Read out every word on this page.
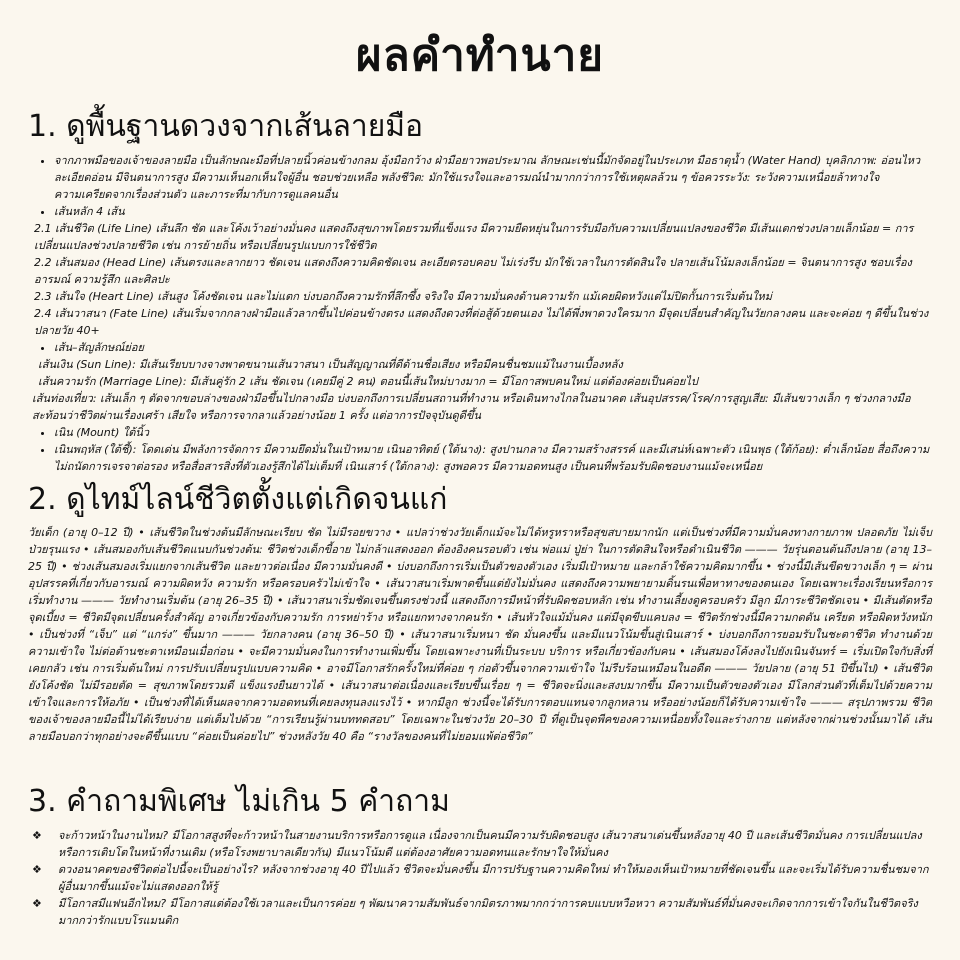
ผลคำทำนาย
1. ดูพื้นฐานดวงจากเส้นลายมือ
• จากภาพมือของเจ้าของลายมือ เป็นลักษณะมือที่ปลายนิ้วค่อนข้างกลม อุ้งมือกว้าง ฝ่ามือยาวพอประมาณ ลักษณะเช่นนี้มักจัดอยู่ในประเภท มือธาตุน้ำ (Water Hand) บุคลิกภาพ: อ่อนไหว ละเอียดอ่อน มีจินตนาการสูง มีความเห็นอกเห็นใจผู้อื่น ชอบช่วยเหลือ พลังชีวิต: มักใช้แรงใจและอารมณ์นำมากกว่าการใช้เหตุผลล้วน ๆ ข้อควรระวัง: ระวังความเหนื่อยล้าทางใจ ความเครียดจากเรื่องส่วนตัว และภาระที่มากับการดูแลคนอื่น
• เส้นหลัก 4 เส้น

2.1 เส้นชีวิต (Life Line) เส้นลึก ชัด และโค้งเว้าอย่างมั่นคง แสดงถึงสุขภาพโดยรวมที่แข็งแรง มีความยืดหยุ่นในการรับมือกับความเปลี่ยนแปลงของชีวิต มีเส้นแตกช่วงปลายเล็กน้อย = การเปลี่ยนแปลงช่วงปลายชีวิต เช่น การย้ายถิ่น หรือเปลี่ยนรูปแบบการใช้ชีวิต

2.2 เส้นสมอง (Head Line) เส้นตรงและลากยาว ชัดเจน แสดงถึงความคิดชัดเจน ละเอียดรอบคอบ ไม่เร่งรีบ มักใช้เวลาในการตัดสินใจ ปลายเส้นโน้มลงเล็กน้อย = จินตนาการสูง ชอบเรื่องอารมณ์ ความรู้สึก และศิลปะ

2.3 เส้นใจ (Heart Line) เส้นสูง โค้งชัดเจน และไม่แตก บ่งบอกถึงความรักที่ลึกซึ้ง จริงใจ มีความมั่นคงด้านความรัก แม้เคยผิดหวังแต่ไม่ปิดกั้นการเริ่มต้นใหม่

2.4 เส้นวาสนา (Fate Line) เส้นเริ่มจากกลางฝ่ามือแล้วลากขึ้นไปค่อนข้างตรง แสดงถึงดวงที่ต่อสู้ด้วยตนเอง ไม่ได้พึ่งพาดวงใครมาก มีจุดเปลี่ยนสำคัญในวัยกลางคน และจะค่อย ๆ ดีขึ้นในช่วงปลายวัย 40+

• เส้น–สัญลักษณ์ย่อย

เส้นเงิน (Sun Line): มีเส้นเรียบบางจางพาดขนานเส้นวาสนา เป็นสัญญาณที่ดีด้านชื่อเสียง หรือมีคนชื่นชมแม้ในงานเบื้องหลัง

เส้นความรัก (Marriage Line): มีเส้นคู่รัก 2 เส้น ชัดเจน (เคยมีคู่ 2 คน) ตอนนี้เส้นใหม่บางมาก = มีโอกาสพบคนใหม่ แต่ต้องค่อยเป็นค่อยไป

เส้นท่องเที่ยว: เส้นเล็ก ๆ ตัดจากขอบล่างของฝ่ามือขึ้นไปกลางมือ บ่งบอกถึงการเปลี่ยนสถานที่ทำงาน หรือเดินทางไกลในอนาคต เส้นอุปสรรค/โรค/การสูญเสีย: มีเส้นขวางเล็ก ๆ ช่วงกลางมือ สะท้อนว่าชีวิตผ่านเรื่องเศร้า เสียใจ หรือการจากลาแล้วอย่างน้อย 1 ครั้ง แต่อาการปัจจุบันดูดีขึ้น

• เนิน (Mount) ใต้นิ้ว
• เนินพฤหัส (ใต้ชี้): โดดเด่น มีพลังการจัดการ มีความยึดมั่นในเป้าหมาย เนินอาทิตย์ (ใต้นาง): สูงปานกลาง มีความสร้างสรรค์ และมีเสน่ห์เฉพาะตัว เนินพุธ (ใต้ก้อย): ต่ำเล็กน้อย สื่อถึงความไม่ถนัดการเจรจาต่อรอง หรือสื่อสารสิ่งที่ตัวเองรู้สึกได้ไม่เต็มที่ เนินเสาร์ (ใต้กลาง): สูงพอควร มีความอดทนสูง เป็นคนที่พร้อมรับผิดชอบงานแม้จะเหนื่อย
2. ดูไทม์ไลน์ชีวิตตั้งแต่เกิดจนแก่

วัยเด็ก (อายุ 0–12 ปี) • เส้นชีวิตในช่วงต้นมีลักษณะเรียบ ชัด ไม่มีรอยขวาง • แปลว่าช่วงวัยเด็กแม้จะไม่ได้หรูหราหรือสุขสบายมากนัก แต่เป็นช่วงที่มีความมั่นคงทางกายภาพ ปลอดภัย ไม่เจ็บป่วยรุนแรง • เส้นสมองกับเส้นชีวิตแนบกันช่วงต้น: ชีวิตช่วงเด็กขี้อาย ไม่กล้าแสดงออก ต้องอิงคนรอบตัว เช่น พ่อแม่ ปู่ย่า ในการตัดสินใจหรือดำเนินชีวิต ——— วัยรุ่นตอนต้นถึงปลาย (อายุ 13–25 ปี) • ช่วงเส้นสมองเริ่มแยกจากเส้นชีวิต และยาวต่อเนื่อง มีความมั่นคงดี • บ่งบอกถึงการเริ่มเป็นตัวของตัวเอง เริ่มมีเป้าหมาย และกล้าใช้ความคิดมากขึ้น • ช่วงนี้มีเส้นขีดขวางเล็ก ๆ = ผ่านอุปสรรคที่เกี่ยวกับอารมณ์ ความผิดหวัง ความรัก หรือครอบครัวไม่เข้าใจ • เส้นวาสนาเริ่มพาดขึ้นแต่ยังไม่มั่นคง แสดงถึงความพยายามดิ้นรนเพื่อหาทางของตนเอง โดยเฉพาะเรื่องเรียนหรือการเริ่มทำงาน ——— วัยทำงานเริ่มต้น (อายุ 26–35 ปี) • เส้นวาสนาเริ่มชัดเจนขึ้นตรงช่วงนี้ แสดงถึงการมีหน้าที่รับผิดชอบหลัก เช่น ทำงานเลี้ยงดูครอบครัว มีลูก มีภาระชีวิตชัดเจน • มีเส้นตัดหรือจุดเบี้ยง = ชีวิตมีจุดเปลี่ยนครั้งสำคัญ อาจเกี่ยวข้องกับความรัก การหย่าร้าง หรือแยกทางจากคนรัก • เส้นหัวใจแม้มั่นคง แต่มีจุดขีบแคบลง = ชีวิตรักช่วงนี้มีความกดดัน เครียด หรือผิดหวังหนัก • เป็นช่วงที่ “เจ็บ” แต่ “แกร่ง” ขึ้นมาก ——— วัยกลางคน (อายุ 36–50 ปี) • เส้นวาสนาเริ่มหนา ชัด มั่นคงขึ้น และมีแนวโน้มขึ้นสู่เนินเสาร์ • บ่งบอกถึงการยอมรับในชะตาชีวิต ทำงานด้วยความเข้าใจ ไม่ต่อต้านชะตาเหมือนเมื่อก่อน • จะมีความมั่นคงในการทำงานเพิ่มขึ้น โดยเฉพาะงานที่เป็นระบบ บริการ หรือเกี่ยวข้องกับคน • เส้นสมองโค้งลงไปยังเนินจันทร์ = เริ่มเปิดใจกับสิ่งที่เคยกลัว เช่น การเริ่มต้นใหม่ การปรับเปลี่ยนรูปแบบความคิด • อาจมีโอกาสรักครั้งใหม่ที่ค่อย ๆ ก่อตัวขึ้นจากความเข้าใจ ไม่รีบร้อนเหมือนในอดีต ——— วัยปลาย (อายุ 51 ปีขึ้นไป) • เส้นชีวิตยังโค้งชัด ไม่มีรอยตัด = สุขภาพโดยรวมดี แข็งแรงยืนยาวได้ • เส้นวาสนาต่อเนื่องและเรียบขึ้นเรื่อย ๆ = ชีวิตจะนิ่งและสงบมากขึ้น มีความเป็นตัวของตัวเอง มีโลกส่วนตัวที่เต็มไปด้วยความเข้าใจและการให้อภัย • เป็นช่วงที่ได้เห็นผลจากความอดทนที่เคยลงทุนลงแรงไว้ • หากมีลูก ช่วงนี้จะได้รับการตอบแทนจากลูกหลาน หรืออย่างน้อยก็ได้รับความเข้าใจ ——— สรุปภาพรวม ชีวิตของเจ้าของลายมือนี้ไม่ได้เรียบง่าย แต่เต็มไปด้วย “การเรียนรู้ผ่านบททดสอบ” โดยเฉพาะในช่วงวัย 20–30 ปี ที่ดูเป็นจุดพีคของความเหนื่อยทั้งใจและร่างกาย แต่หลังจากผ่านช่วงนั้นมาได้ เส้นลายมือบอกว่าทุกอย่างจะดีขึ้นแบบ “ค่อยเป็นค่อยไป” ช่วงหลังวัย 40 คือ “รางวัลของคนที่ไม่ยอมแพ้ต่อชีวิต”

3. คำถามพิเศษ ไม่เกิน 5 คำถาม
❖ จะก้าวหน้าในงานไหม? มีโอกาสสูงที่จะก้าวหน้าในสายงานบริการหรือการดูแล เนื่องจากเป็นคนมีความรับผิดชอบสูง เส้นวาสนาเด่นขึ้นหลังอายุ 40 ปี และเส้นชีวิตมั่นคง การเปลี่ยนแปลงหรือการเติบโตในหน้าที่งานเดิม (หรือโรงพยาบาลเดียวกัน) มีแนวโน้มดี แต่ต้องอาศัยความอดทนและรักษาใจให้มั่นคง
❖ ดวงอนาคตของชีวิตต่อไปนี้จะเป็นอย่างไร? หลังจากช่วงอายุ 40 ปีไปแล้ว ชีวิตจะมั่นคงขึ้น มีการปรับฐานความคิดใหม่ ทำให้มองเห็นเป้าหมายที่ชัดเจนขึ้น และจะเริ่มได้รับความชื่นชมจากผู้อื่นมากขึ้นแม้จะไม่แสดงออกให้รู้
❖ มีโอกาสมีแฟนอีกไหม? มีโอกาสแต่ต้องใช้เวลาและเป็นการค่อย ๆ พัฒนาความสัมพันธ์จากมิตรภาพมากกว่าการคบแบบหวือหวา ความสัมพันธ์ที่มั่นคงจะเกิดจากการเข้าใจกันในชีวิตจริงมากกว่ารักแบบโรแมนติก
